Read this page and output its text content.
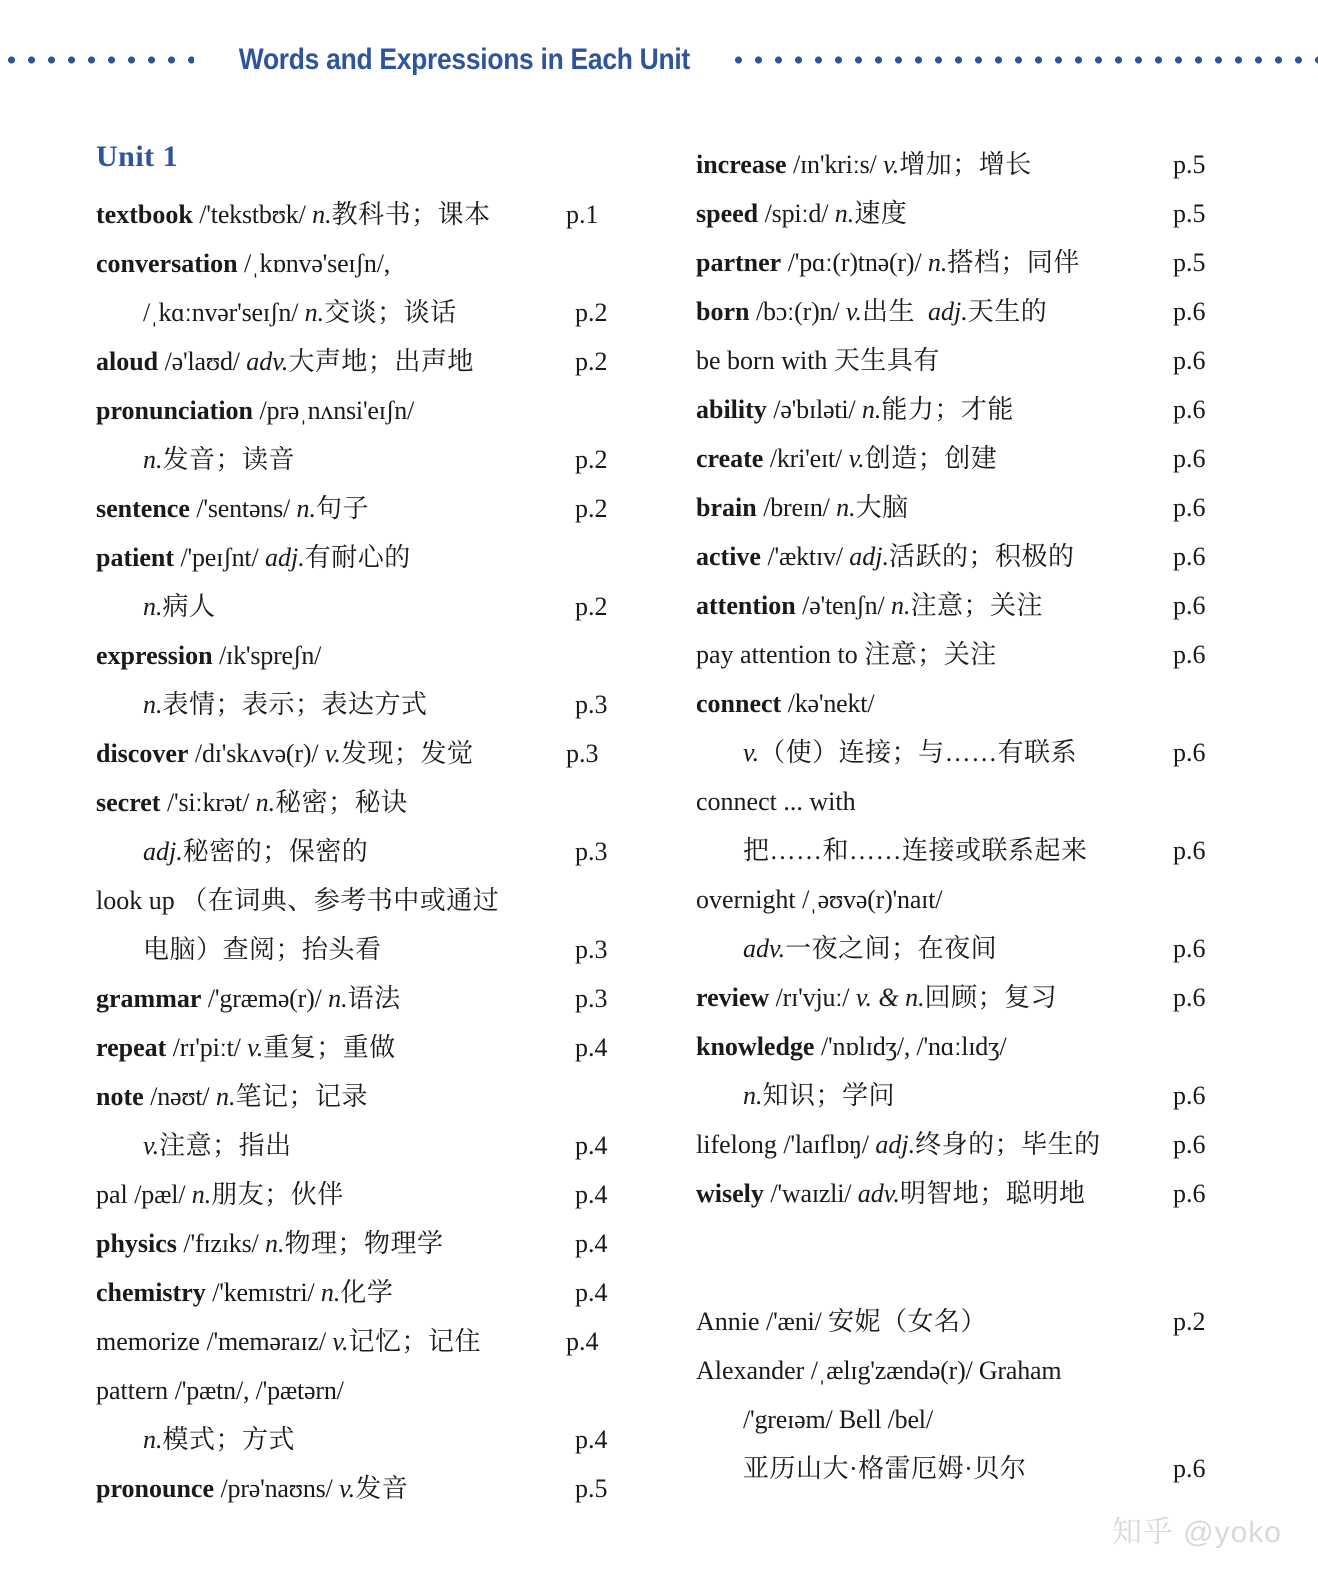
Words and Expressions in Each Unit
Unit 1
textbook /'tekstbʊk/ n.教科书；课本	p.1
conversation /ˌkɒnvə'seɪʃn/,
/ˌkɑːnvər'seɪʃn/ n.交谈；谈话	p.2
aloud /ə'laʊd/ adv.大声地；出声地	p.2
pronunciation /prəˌnʌnsi'eɪʃn/
n.发音；读音	p.2
sentence /'sentəns/ n.句子	p.2
patient /'peɪʃnt/ adj.有耐心的
n.病人	p.2
expression /ɪk'spreʃn/
n.表情；表示；表达方式	p.3
discover /dɪ'skʌvə(r)/ v.发现；发觉	p.3
secret /'siːkrət/ n.秘密；秘诀
adj.秘密的；保密的	p.3
look up （在词典、参考书中或通过
电脑）查阅；抬头看	p.3
grammar /'græmə(r)/ n.语法	p.3
repeat /rɪ'piːt/ v.重复；重做	p.4
note /nəʊt/ n.笔记；记录
v.注意；指出	p.4
pal /pæl/ n.朋友；伙伴	p.4
physics /'fɪzɪks/ n.物理；物理学	p.4
chemistry /'kemɪstri/ n.化学	p.4
memorize /'meməraɪz/ v.记忆；记住	p.4
pattern /'pætn/, /'pætərn/
n.模式；方式	p.4
pronounce /prə'naʊns/ v.发音	p.5
increase /ɪn'kriːs/ v.增加；增长	p.5
speed /spiːd/ n.速度	p.5
partner /'pɑː(r)tnə(r)/ n.搭档；同伴	p.5
born /bɔː(r)n/ v.出生 adj.天生的	p.6
be born with 天生具有	p.6
ability /ə'bɪləti/ n.能力；才能	p.6
create /kri'eɪt/ v.创造；创建	p.6
brain /breɪn/ n.大脑	p.6
active /'æktɪv/ adj.活跃的；积极的	p.6
attention /ə'tenʃn/ n.注意；关注	p.6
pay attention to 注意；关注	p.6
connect /kə'nekt/
v.（使）连接；与……有联系	p.6
connect ... with
把……和……连接或联系起来	p.6
overnight /ˌəʊvə(r)'naɪt/
adv.一夜之间；在夜间	p.6
review /rɪ'vjuː/ v. & n.回顾；复习	p.6
knowledge /'nɒlɪdʒ/, /'nɑːlɪdʒ/
n.知识；学问	p.6
lifelong /'laɪflɒŋ/ adj.终身的；毕生的	p.6
wisely /'waɪzli/ adv.明智地；聪明地	p.6
Annie /'æni/ 安妮（女名）	p.2
Alexander /ˌælɪg'zændə(r)/ Graham
/'greɪəm/ Bell /bel/
亚历山大·格雷厄姆·贝尔	p.6
知乎 @yoko
